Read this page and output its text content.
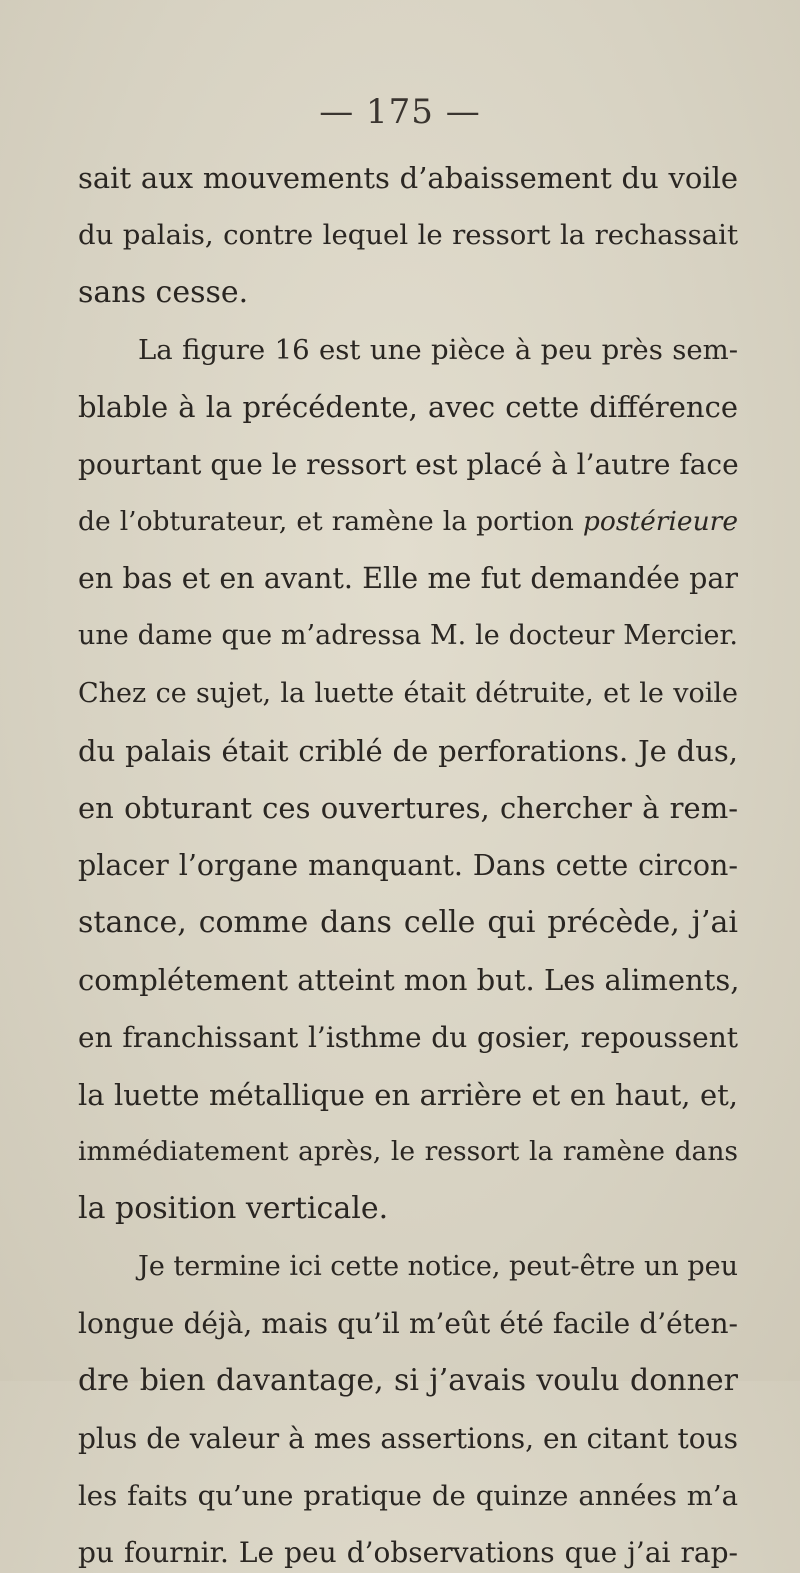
— 175 —
sait aux mouvements d’abaissement du voile
du palais, contre lequel le ressort la rechassait
sans cesse.
La figure 16 est une pièce à peu près sem-
blable à la précédente, avec cette différence
pourtant que le ressort est placé à l’autre face
de l’obturateur, et ramène la portion postérieure
en bas et en avant. Elle me fut demandée par
une dame que m’adressa M. le docteur Mercier.
Chez ce sujet, la luette était détruite, et le voile
du palais était criblé de perforations. Je dus,
en obturant ces ouvertures, chercher à rem-
placer l’organe manquant. Dans cette circon-
stance, comme dans celle qui précède, j’ai
complétement atteint mon but. Les aliments,
en franchissant l’isthme du gosier, repoussent
la luette métallique en arrière et en haut, et,
immédiatement après, le ressort la ramène dans
la position verticale.
Je termine ici cette notice, peut-être un peu
longue déjà, mais qu’il m’eût été facile d’éten-
dre bien davantage, si j’avais voulu donner
plus de valeur à mes assertions, en citant tous
les faits qu’une pratique de quinze années m’a
pu fournir. Le peu d’observations que j’ai rap-
